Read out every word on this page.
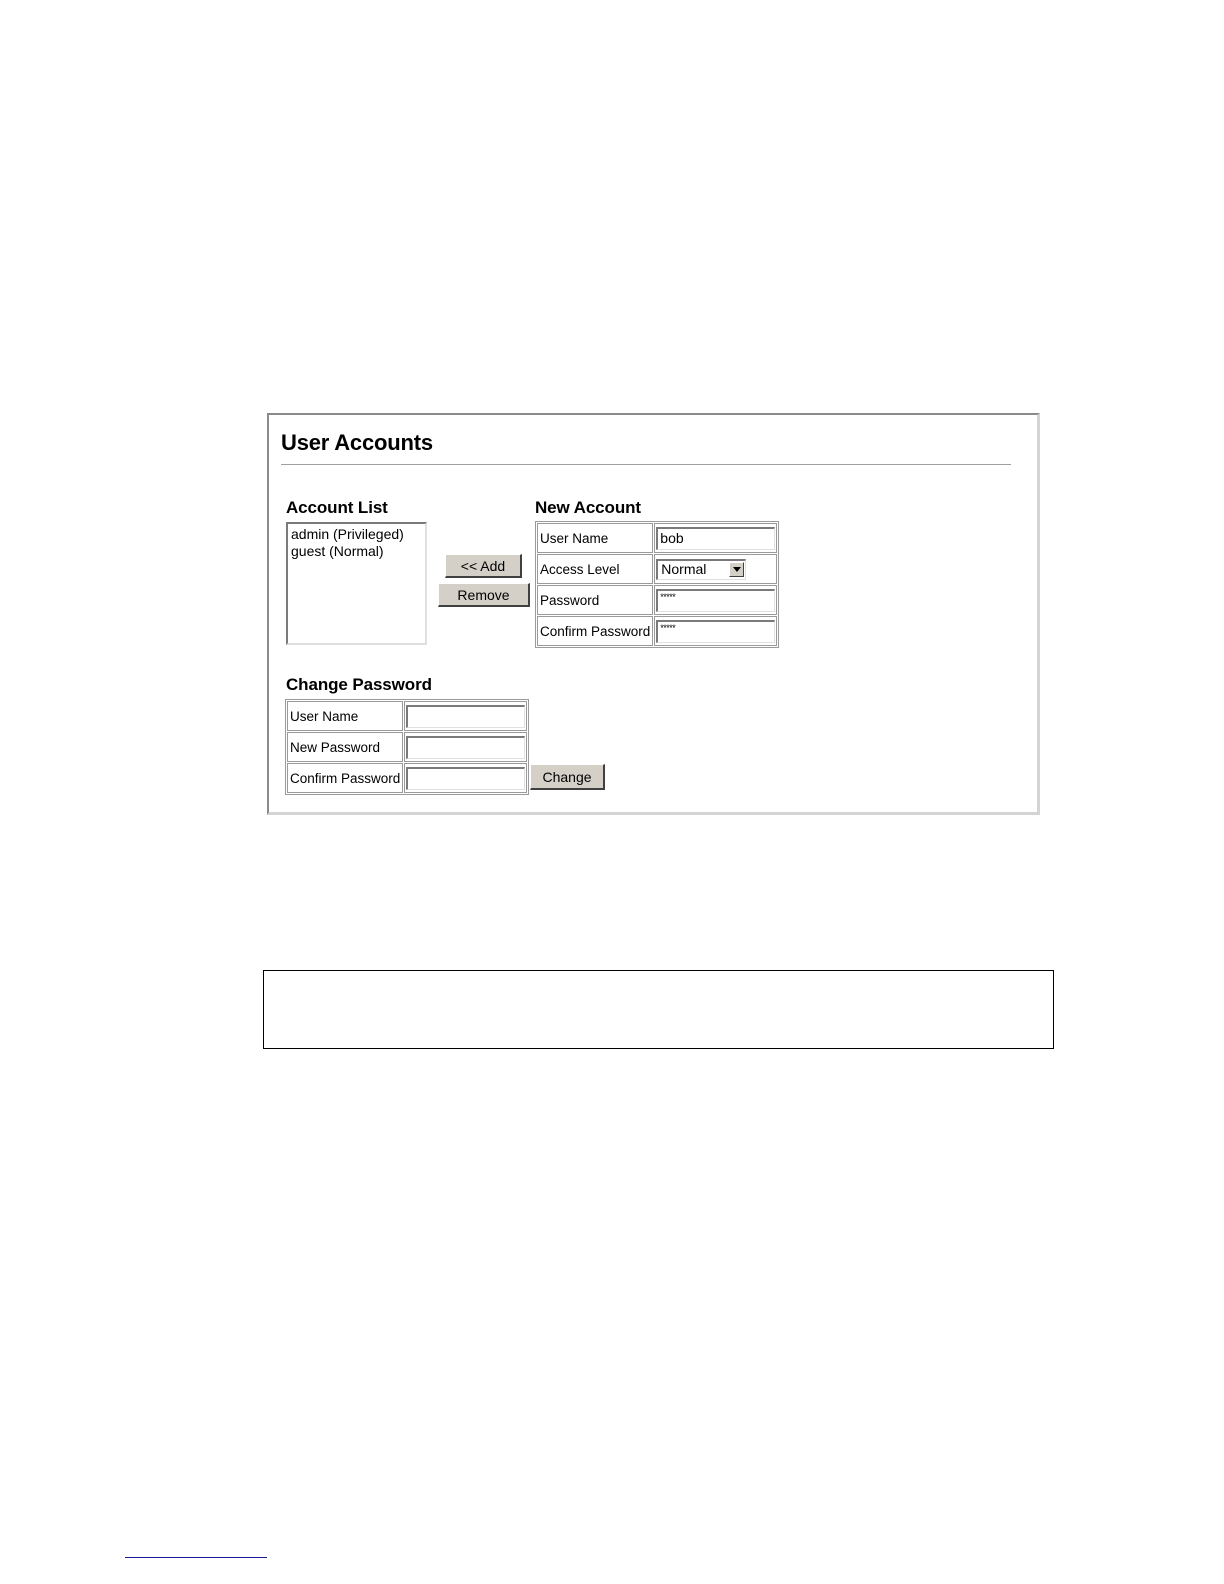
User Accounts
Account List
admin (Privileged)
guest (Normal)
<< Add
Remove
New Account
User Name	bob

Access Level	Normal

Password	*****

Confirm Password	*****
Change Password
User Name	

New Password	

Confirm Password		Change
